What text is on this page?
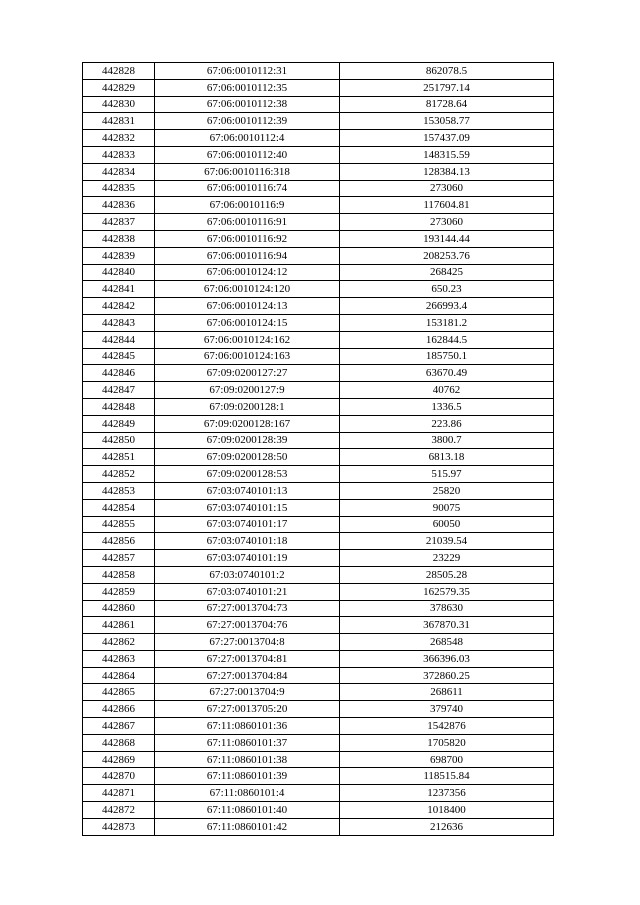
442828	67:06:0010112:31	862078.5
442829	67:06:0010112:35	251797.14
442830	67:06:0010112:38	81728.64
442831	67:06:0010112:39	153058.77
442832	67:06:0010112:4	157437.09
442833	67:06:0010112:40	148315.59
442834	67:06:0010116:318	128384.13
442835	67:06:0010116:74	273060
442836	67:06:0010116:9	117604.81
442837	67:06:0010116:91	273060
442838	67:06:0010116:92	193144.44
442839	67:06:0010116:94	208253.76
442840	67:06:0010124:12	268425
442841	67:06:0010124:120	650.23
442842	67:06:0010124:13	266993.4
442843	67:06:0010124:15	153181.2
442844	67:06:0010124:162	162844.5
442845	67:06:0010124:163	185750.1
442846	67:09:0200127:27	63670.49
442847	67:09:0200127:9	40762
442848	67:09:0200128:1	1336.5
442849	67:09:0200128:167	223.86
442850	67:09:0200128:39	3800.7
442851	67:09:0200128:50	6813.18
442852	67:09:0200128:53	515.97
442853	67:03:0740101:13	25820
442854	67:03:0740101:15	90075
442855	67:03:0740101:17	60050
442856	67:03:0740101:18	21039.54
442857	67:03:0740101:19	23229
442858	67:03:0740101:2	28505.28
442859	67:03:0740101:21	162579.35
442860	67:27:0013704:73	378630
442861	67:27:0013704:76	367870.31
442862	67:27:0013704:8	268548
442863	67:27:0013704:81	366396.03
442864	67:27:0013704:84	372860.25
442865	67:27:0013704:9	268611
442866	67:27:0013705:20	379740
442867	67:11:0860101:36	1542876
442868	67:11:0860101:37	1705820
442869	67:11:0860101:38	698700
442870	67:11:0860101:39	118515.84
442871	67:11:0860101:4	1237356
442872	67:11:0860101:40	1018400
442873	67:11:0860101:42	212636
